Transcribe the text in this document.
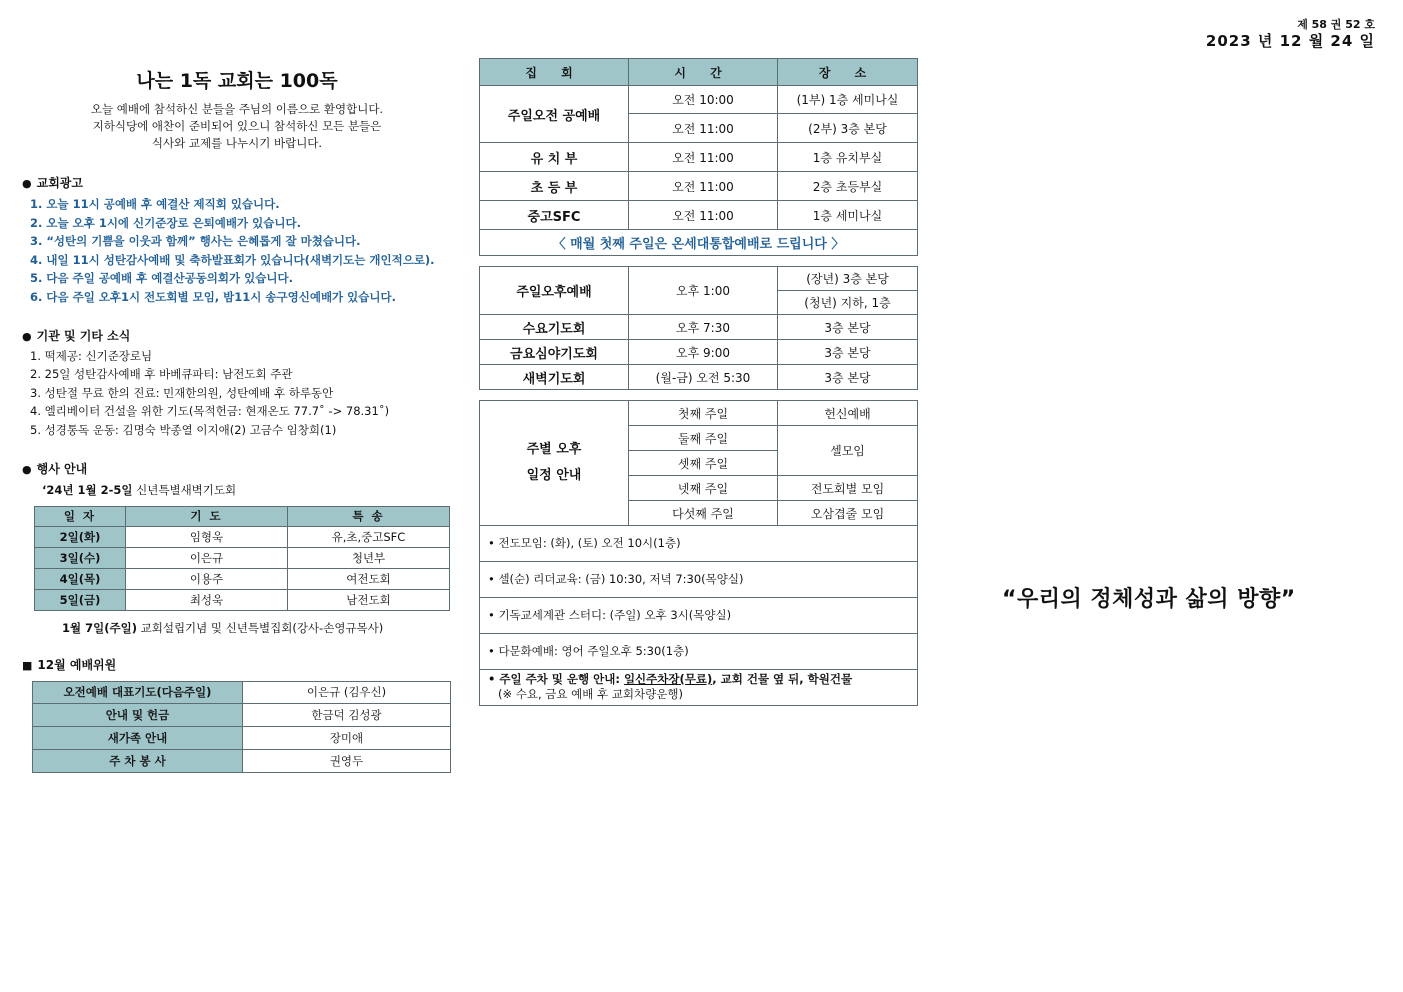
제 58 권 52 호
2023 년 12 월 24 일
나는 1독 교회는 100독
오늘 예배에 참석하신 분들을 주님의 이름으로 환영합니다.
지하식당에 애찬이 준비되어 있으니 참석하신 모든 분들은
식사와 교제를 나누시기 바랍니다.
● 교회광고
1. 오늘 11시 공예배 후 예결산 제직회 있습니다.
2. 오늘 오후 1시에 신기준장로 은퇴예배가 있습니다.
3. “성탄의 기쁨을 이웃과 함께” 행사는 은혜롭게 잘 마쳤습니다.
4. 내일 11시 성탄감사예배 및 축하발표회가 있습니다(새벽기도는 개인적으로).
5. 다음 주일 공예배 후 예결산공동의회가 있습니다.
6. 다음 주일 오후1시 전도회별 모임, 밤11시 송구영신예배가 있습니다.
● 기관 및 기타 소식
1. 떡제공: 신기준장로님
2. 25일 성탄감사예배 후 바베큐파티: 남전도회 주관
3. 성탄절 무료 한의 진료: 민재한의원, 성탄예배 후 하루동안
4. 엘리베이터 건설을 위한 기도(목적헌금: 현재온도 77.7˚ -> 78.31˚)
5. 성경통독 운동: 김명숙 박종열 이지애(2) 고금수 임창희(1)
● 행사 안내
‘24년 1월 2-5일 신년특별새벽기도회
일 자	기 도	특 송
2일(화)	임형욱	유,초,중고SFC
3일(수)	이은규	청년부
4일(목)	이용주	여전도회
5일(금)	최성욱	남전도회
1월 7일(주일) 교회설립기념 및 신년특별집회(강사-손영규목사)
■ 12월 예배위원
오전예배 대표기도(다음주일)	이은규 (김우신)
안내 및 헌금	한금덕 김성광
새가족 안내	장미애
주 차 봉 사	권영두
집 회	시 간	장 소
주일오전 공예배	오전 10:00	(1부) 1층 세미나실
	오전 11:00	(2부) 3층 본당
유 치 부	오전 11:00	1층 유치부실
초 등 부	오전 11:00	2층 초등부실
중고SFC	오전 11:00	1층 세미나실
〈 매월 첫째 주일은 온세대통합예배로 드립니다 〉		
주일오후예배	오후 1:00	(장년) 3층 본당
		(청년) 지하, 1층
수요기도회	오후 7:30	3층 본당
금요심야기도회	오후 9:00	3층 본당
새벽기도회	(월-금) 오전 5:30	3층 본당
주별 오후
일정 안내	첫째 주일	헌신예배
	둘째 주일	셀모임
	셋째 주일	
	넷째 주일	전도회별 모임
	다섯째 주일	오삼겹줄 모임
• 전도모임: (화), (토) 오전 10시(1층)
• 셀(순) 리더교육: (금) 10:30, 저녁 7:30(목양실)
• 기독교세계관 스터디: (주일) 오후 3시(목양실)
• 다문화예배: 영어 주일오후 5:30(1층)

• 주일 주차 및 운행 안내: 일신주차장(무료), 교회 건물 옆 뒤, 학원건물
(※ 수요, 금요 예배 후 교회차량운행)
“우리의 정체성과 삶의 방향”
